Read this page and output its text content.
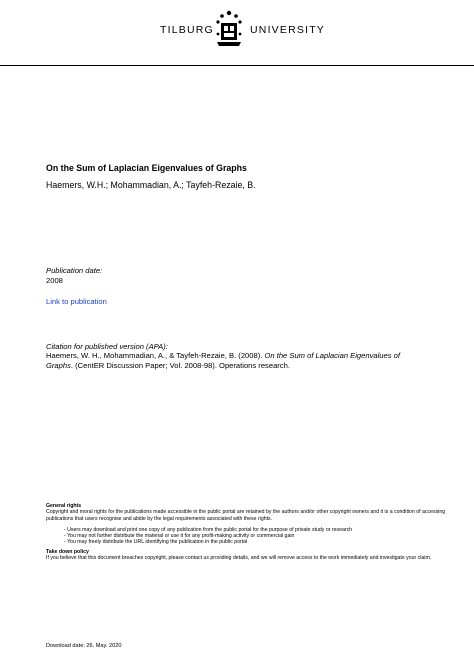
TILBURG	UNIVERSITY
On the Sum of Laplacian Eigenvalues of Graphs
Haemers, W.H.; Mohammadian, A.; Tayfeh-Rezaie, B.
Publication date:
2008
Link to publication
Citation for published version (APA):
Haemers, W. H., Mohammadian, A., & Tayfeh-Rezaie, B. (2008). On the Sum of Laplacian Eigenvalues of Graphs. (CentER Discussion Paper; Vol. 2008-98). Operations research.
General rights
Copyright and moral rights for the publications made accessible in the public portal are retained by the authors and/or other copyright owners and it is a condition of accessing publications that users recognise and abide by the legal requirements associated with these rights.
- Users may download and print one copy of any publication from the public portal for the purpose of private study or research
- You may not further distribute the material or use it for any profit-making activity or commercial gain
- You may freely distribute the URL identifying the publication in the public portal
Take down policy
If you believe that this document breaches copyright, please contact us providing details, and we will remove access to the work immediately and investigate your claim.
Download date: 26. May. 2020
